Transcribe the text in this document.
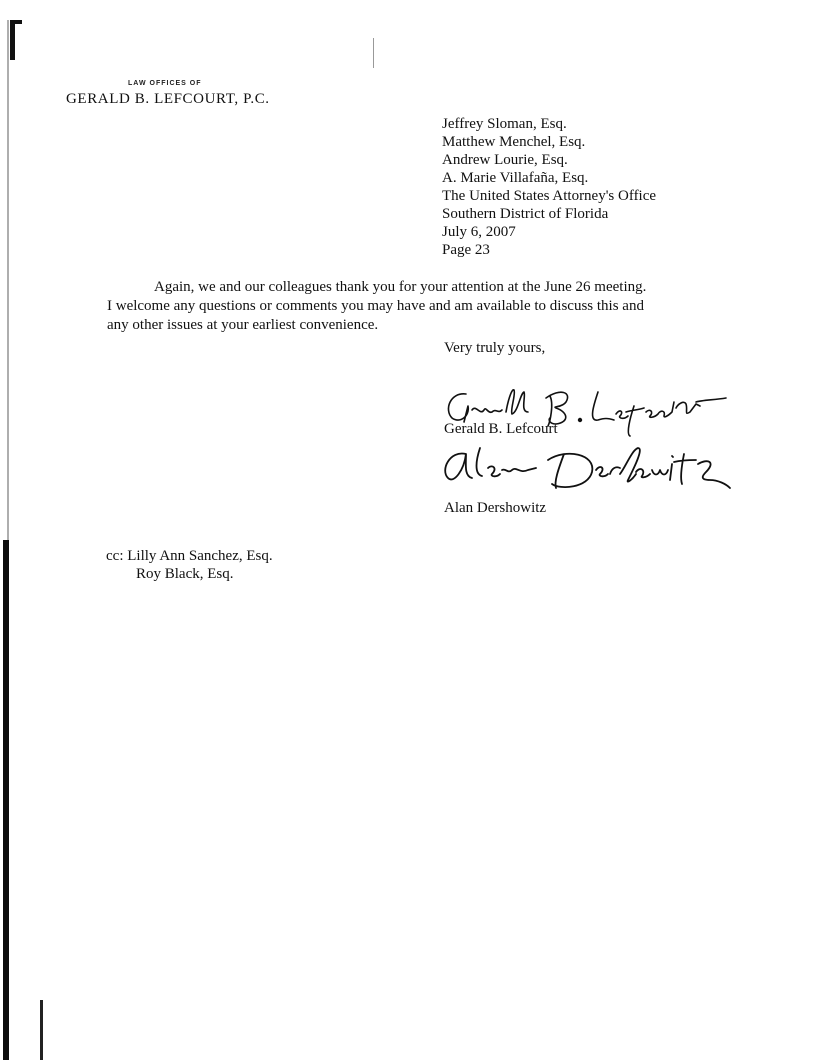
LAW OFFICES OF
GERALD B. LEFCOURT, P.C.
Jeffrey Sloman, Esq.
Matthew Menchel, Esq.
Andrew Lourie, Esq.
A. Marie Villafaña, Esq.
The United States Attorney's Office
Southern District of Florida
July 6, 2007
Page 23
Again, we and our colleagues thank you for your attention at the June 26 meeting.
I welcome any questions or comments you may have and am available to discuss this and
any other issues at your earliest convenience.
Very truly yours,
Gerald B. Lefcourt
Alan Dershowitz
cc: Lilly Ann Sanchez, Esq.
Roy Black, Esq.
